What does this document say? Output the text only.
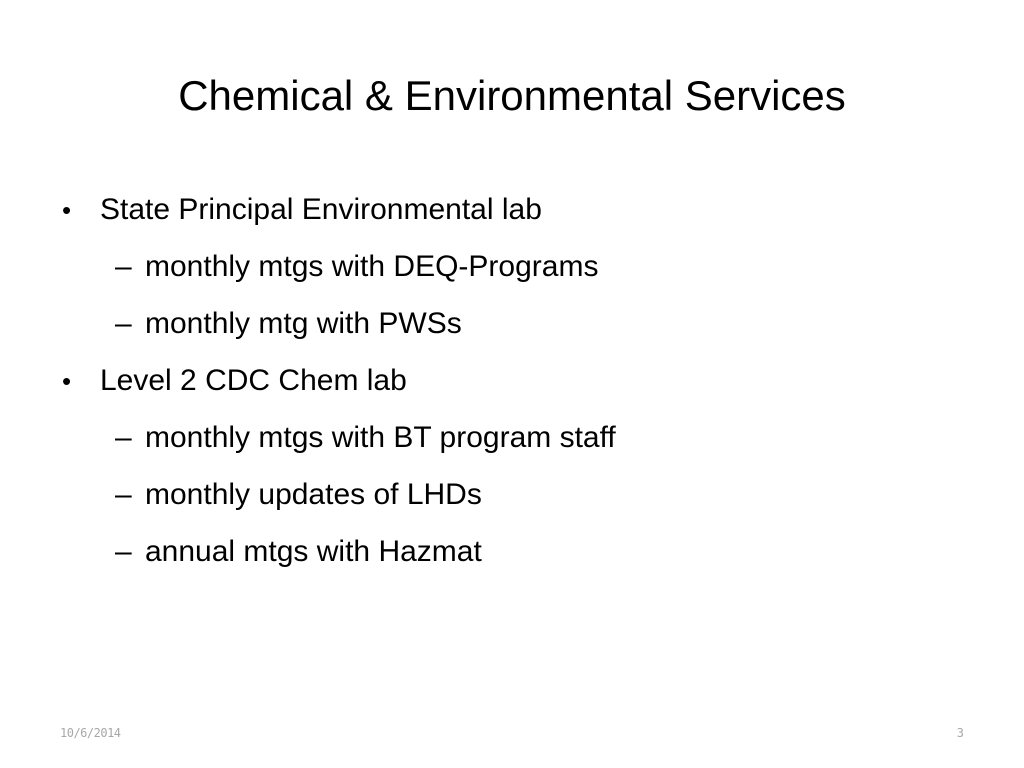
Chemical & Environmental Services
• State Principal Environmental lab
– monthly mtgs with DEQ-Programs
– monthly mtg with PWSs
• Level 2 CDC Chem lab
– monthly mtgs with BT program staff
– monthly updates of LHDs
– annual mtgs with Hazmat
10/6/2014	3
